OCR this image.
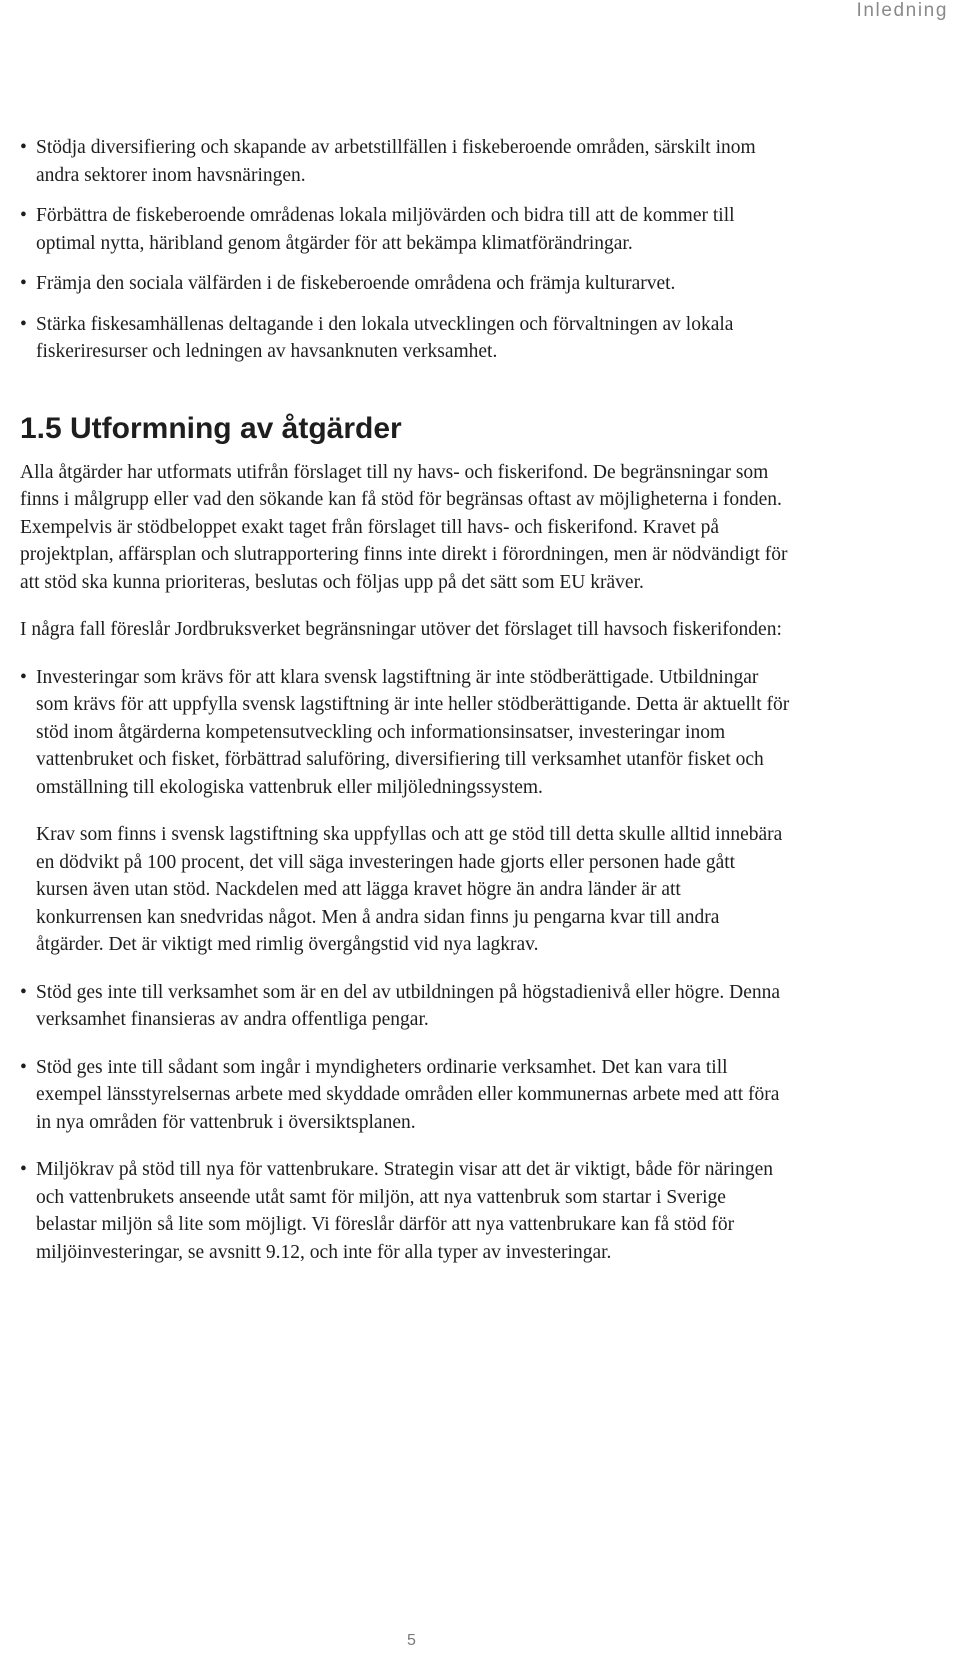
Inledning
• Stödja diversifiering och skapande av arbetstillfällen i fiskeberoende områden, särskilt inom andra sektorer inom havsnäringen.
• Förbättra de fiskeberoende områdenas lokala miljövärden och bidra till att de kommer till optimal nytta, häribland genom åtgärder för att bekämpa klimatförändringar.
• Främja den sociala välfärden i de fiskeberoende områdena och främja kulturarvet.
• Stärka fiskesamhällenas deltagande i den lokala utvecklingen och förvaltningen av lokala fiskeriresurser och ledningen av havsanknuten verksamhet.
1.5 Utformning av åtgärder

Alla åtgärder har utformats utifrån förslaget till ny havs- och fiskerifond. De begränsningar som finns i målgrupp eller vad den sökande kan få stöd för begränsas oftast av möjligheterna i fonden. Exempelvis är stödbeloppet exakt taget från förslaget till havs- och fiskerifond. Kravet på projektplan, affärsplan och slutrapportering finns inte direkt i förordningen, men är nödvändigt för att stöd ska kunna prioriteras, beslutas och följas upp på det sätt som EU kräver.

I några fall föreslår Jordbruksverket begränsningar utöver det förslaget till havsoch fiskerifonden:

• Investeringar som krävs för att klara svensk lagstiftning är inte stödberättigade. Utbildningar som krävs för att uppfylla svensk lagstiftning är inte heller stödberättigande. Detta är aktuellt för stöd inom åtgärderna kompetensutveckling och informationsinsatser, investeringar inom vattenbruket och fisket, förbättrad saluföring, diversifiering till verksamhet utanför fisket och omställning till ekologiska vattenbruk eller miljöledningssystem.

Krav som finns i svensk lagstiftning ska uppfyllas och att ge stöd till detta skulle alltid innebära en dödvikt på 100 procent, det vill säga investeringen hade gjorts eller personen hade gått kursen även utan stöd. Nackdelen med att lägga kravet högre än andra länder är att konkurrensen kan snedvridas något. Men å andra sidan finns ju pengarna kvar till andra åtgärder. Det är viktigt med rimlig övergångstid vid nya lagkrav.

• Stöd ges inte till verksamhet som är en del av utbildningen på högstadienivå eller högre. Denna verksamhet finansieras av andra offentliga pengar.
• Stöd ges inte till sådant som ingår i myndigheters ordinarie verksamhet. Det kan vara till exempel länsstyrelsernas arbete med skyddade områden eller kommunernas arbete med att föra in nya områden för vattenbruk i översiktsplanen.
• Miljökrav på stöd till nya för vattenbrukare. Strategin visar att det är viktigt, både för näringen och vattenbrukets anseende utåt samt för miljön, att nya vattenbruk som startar i Sverige belastar miljön så lite som möjligt. Vi föreslår därför att nya vattenbrukare kan få stöd för miljöinvesteringar, se avsnitt 9.12, och inte för alla typer av investeringar.
5
